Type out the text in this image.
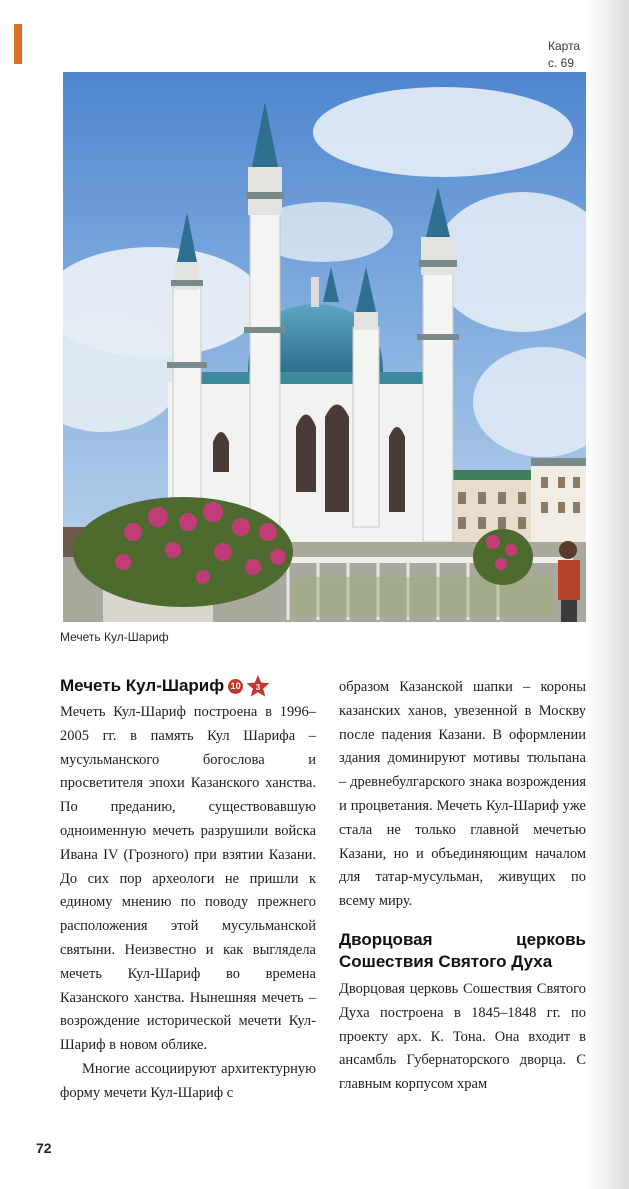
Карта
с. 69
Мечеть Кул-Шариф
Мечеть Кул-Шариф 10	3

Мечеть Кул-Шариф построена в 1996–2005 гг. в память Кул Шарифа – мусульманского богослова и просветителя эпохи Казанского ханства. По преданию, существовавшую одноименную мечеть разрушили войска Ивана IV (Грозного) при взятии Казани. До сих пор археологи не пришли к единому мнению по поводу прежнего расположения этой мусульманской святыни. Неизвестно и как выглядела мечеть Кул-Шариф во времена Казанского ханства. Нынешняя мечеть – возрождение исторической мечети Кул-Шариф в новом облике.

Многие ассоциируют архитектурную форму мечети Кул-Шариф с

образом Казанской шапки – короны казанских ханов, увезенной в Москву после падения Казани. В оформлении здания доминируют мотивы тюльпана – древнебулгарского знака возрождения и процветания. Мечеть Кул-Шариф уже стала не только главной мечетью Казани, но и объединяющим началом для татар-мусульман, живущих по всему миру.

Дворцовая церковь Сошествия Святого Духа

Дворцовая церковь Сошествия Святого Духа построена в 1845–1848 гг. по проекту арх. К. Тона. Она входит в ансамбль Губернаторского дворца. С главным корпусом храм

72
